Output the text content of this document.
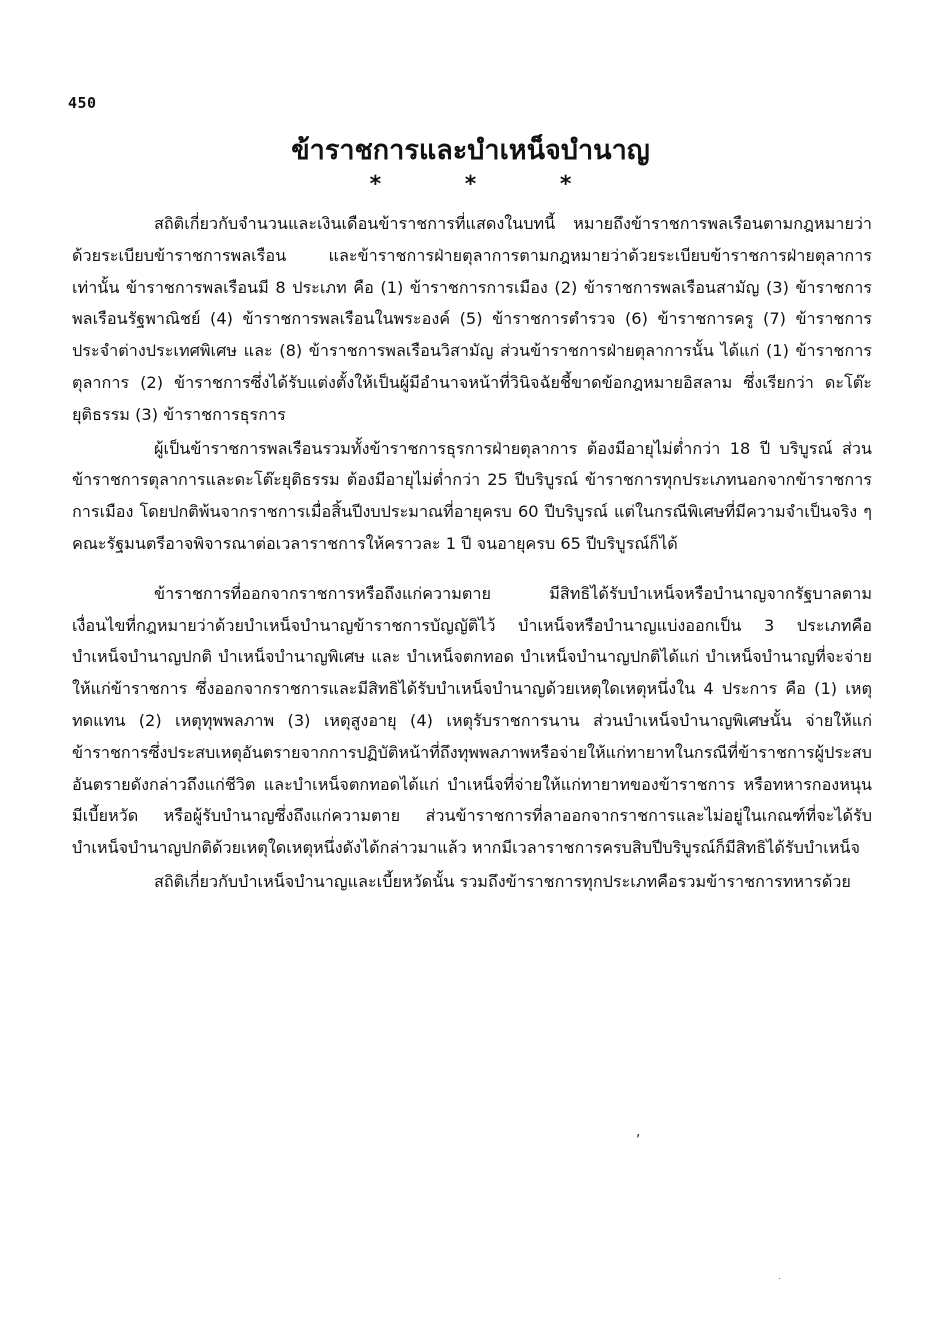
450
ข้าราชการและบำเหน็จบำนาญ
* * *

สถิติเกี่ยวกับจำนวนและเงินเดือนข้าราชการที่แสดงในบทนี้ หมายถึงข้าราชการพลเรือนตามกฎหมายว่าด้วยระเบียบข้าราชการพลเรือน และข้าราชการฝ่ายตุลาการตามกฎหมายว่าด้วยระเบียบข้าราชการฝ่ายตุลาการเท่านั้น ข้าราชการพลเรือนมี 8 ประเภท คือ (1) ข้าราชการการเมือง (2) ข้าราชการพลเรือนสามัญ (3) ข้าราชการพลเรือนรัฐพาณิชย์ (4) ข้าราชการพลเรือนในพระองค์ (5) ข้าราชการตำรวจ (6) ข้าราชการครู (7) ข้าราชการประจำต่างประเทศพิเศษ และ (8) ข้าราชการพลเรือนวิสามัญ ส่วนข้าราชการฝ่ายตุลาการนั้น ได้แก่ (1) ข้าราชการตุลาการ (2) ข้าราชการซึ่งได้รับแต่งตั้งให้เป็นผู้มีอำนาจหน้าที่วินิจฉัยชี้ขาดข้อกฎหมายอิสลาม ซึ่งเรียกว่า ดะโต๊ะยุติธรรม (3) ข้าราชการธุรการ

ผู้เป็นข้าราชการพลเรือนรวมทั้งข้าราชการธุรการฝ่ายตุลาการ ต้องมีอายุไม่ต่ำกว่า 18 ปี บริบูรณ์ ส่วนข้าราชการตุลาการและดะโต๊ะยุติธรรม ต้องมีอายุไม่ต่ำกว่า 25 ปีบริบูรณ์ ข้าราชการทุกประเภทนอกจากข้าราชการการเมือง โดยปกติพ้นจากราชการเมื่อสิ้นปีงบประมาณที่อายุครบ 60 ปีบริบูรณ์ แต่ในกรณีพิเศษที่มีความจำเป็นจริง ๆ คณะรัฐมนตรีอาจพิจารณาต่อเวลาราชการให้คราวละ 1 ปี จนอายุครบ 65 ปีบริบูรณ์ก็ได้

ข้าราชการที่ออกจากราชการหรือถึงแก่ความตาย มีสิทธิได้รับบำเหน็จหรือบำนาญจากรัฐบาลตามเงื่อนไขที่กฎหมายว่าด้วยบำเหน็จบำนาญข้าราชการบัญญัติไว้ บำเหน็จหรือบำนาญแบ่งออกเป็น 3 ประเภทคือ บำเหน็จบำนาญปกติ บำเหน็จบำนาญพิเศษ และ บำเหน็จตกทอด บำเหน็จบำนาญปกติได้แก่ บำเหน็จบำนาญที่จะจ่ายให้แก่ข้าราชการ ซึ่งออกจากราชการและมีสิทธิได้รับบำเหน็จบำนาญด้วยเหตุใดเหตุหนึ่งใน 4 ประการ คือ (1) เหตุทดแทน (2) เหตุทุพพลภาพ (3) เหตุสูงอายุ (4) เหตุรับราชการนาน ส่วนบำเหน็จบำนาญพิเศษนั้น จ่ายให้แก่ข้าราชการซึ่งประสบเหตุอันตรายจากการปฏิบัติหน้าที่ถึงทุพพลภาพหรือจ่ายให้แก่ทายาทในกรณีที่ข้าราชการผู้ประสบอันตรายดังกล่าวถึงแก่ชีวิต และบำเหน็จตกทอดได้แก่ บำเหน็จที่จ่ายให้แก่ทายาทของข้าราชการ หรือทหารกองหนุนมีเบี้ยหวัด หรือผู้รับบำนาญซึ่งถึงแก่ความตาย ส่วนข้าราชการที่ลาออกจากราชการและไม่อยู่ในเกณฑ์ที่จะได้รับบำเหน็จบำนาญปกติด้วยเหตุใดเหตุหนึ่งดังได้กล่าวมาแล้ว หากมีเวลาราชการครบสิบปีบริบูรณ์ก็มีสิทธิได้รับบำเหน็จ

สถิติเกี่ยวกับบำเหน็จบำนาญและเบี้ยหวัดนั้น รวมถึงข้าราชการทุกประเภทคือรวมข้าราชการทหารด้วย

,
.
